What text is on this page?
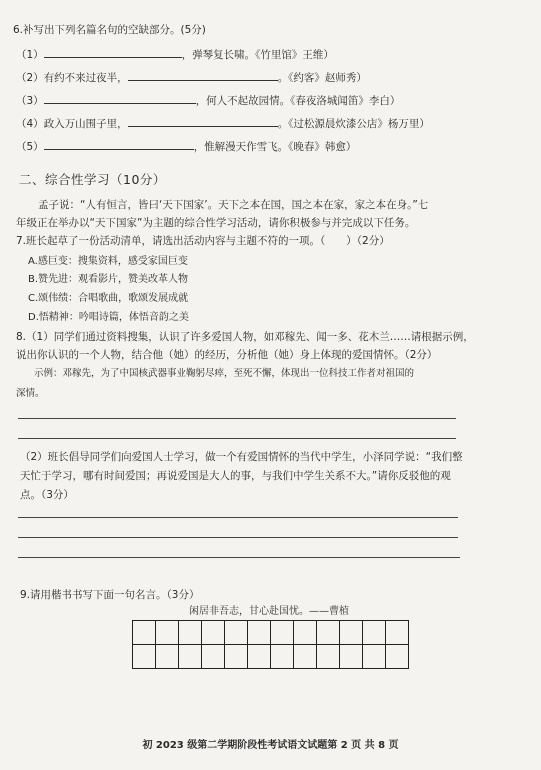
6.补写出下列名篇名句的空缺部分。(5分)
（1）	，弹琴复长啸。《竹里馆》王维）
（2）有约不来过夜半，	。《约客》赵师秀）
（3）	，何人不起故园情。《春夜洛城闻笛》李白）
（4）政入万山围子里，	。《过松源晨炊漆公店》杨万里）
（5）	，惟解漫天作雪飞。《晚春》韩愈）
二、综合性学习（10分）
孟子说：“人有恒言，皆曰‘天下国家’。天下之本在国，国之本在家，家之本在身。”七
年级正在举办以“天下国家”为主题的综合性学习活动，请你积极参与并完成以下任务。
7.班长起草了一份活动清单，请选出活动内容与主题不符的一项。（　　）（2分）
A.感巨变：搜集资料，感受家国巨变
B.赞先进：观看影片，赞美改革人物
C.颂伟绩：合唱歌曲，歌颂发展成就
D.悟精神：吟唱诗篇，体悟音韵之美
8.（1）同学们通过资料搜集，认识了许多爱国人物，如邓稼先、闻一多、花木兰……请根据示例，
说出你认识的一个人物，结合他（她）的经历，分析他（她）身上体现的爱国情怀。（2分）
示例：邓稼先，为了中国核武器事业鞠躬尽瘁，至死不懈，体现出一位科技工作者对祖国的
深情。
（2）班长倡导同学们向爱国人士学习，做一个有爱国情怀的当代中学生，小泽同学说：“我们整
天忙于学习，哪有时间爱国；再说爱国是大人的事，与我们中学生关系不大。”请你反驳他的观
点。（3分）
9.请用楷书书写下面一句名言。（3分）
闲居非吾志，甘心赴国忧。——曹植

初 2023 级第二学期阶段性考试语文试题第 2 页 共 8 页
